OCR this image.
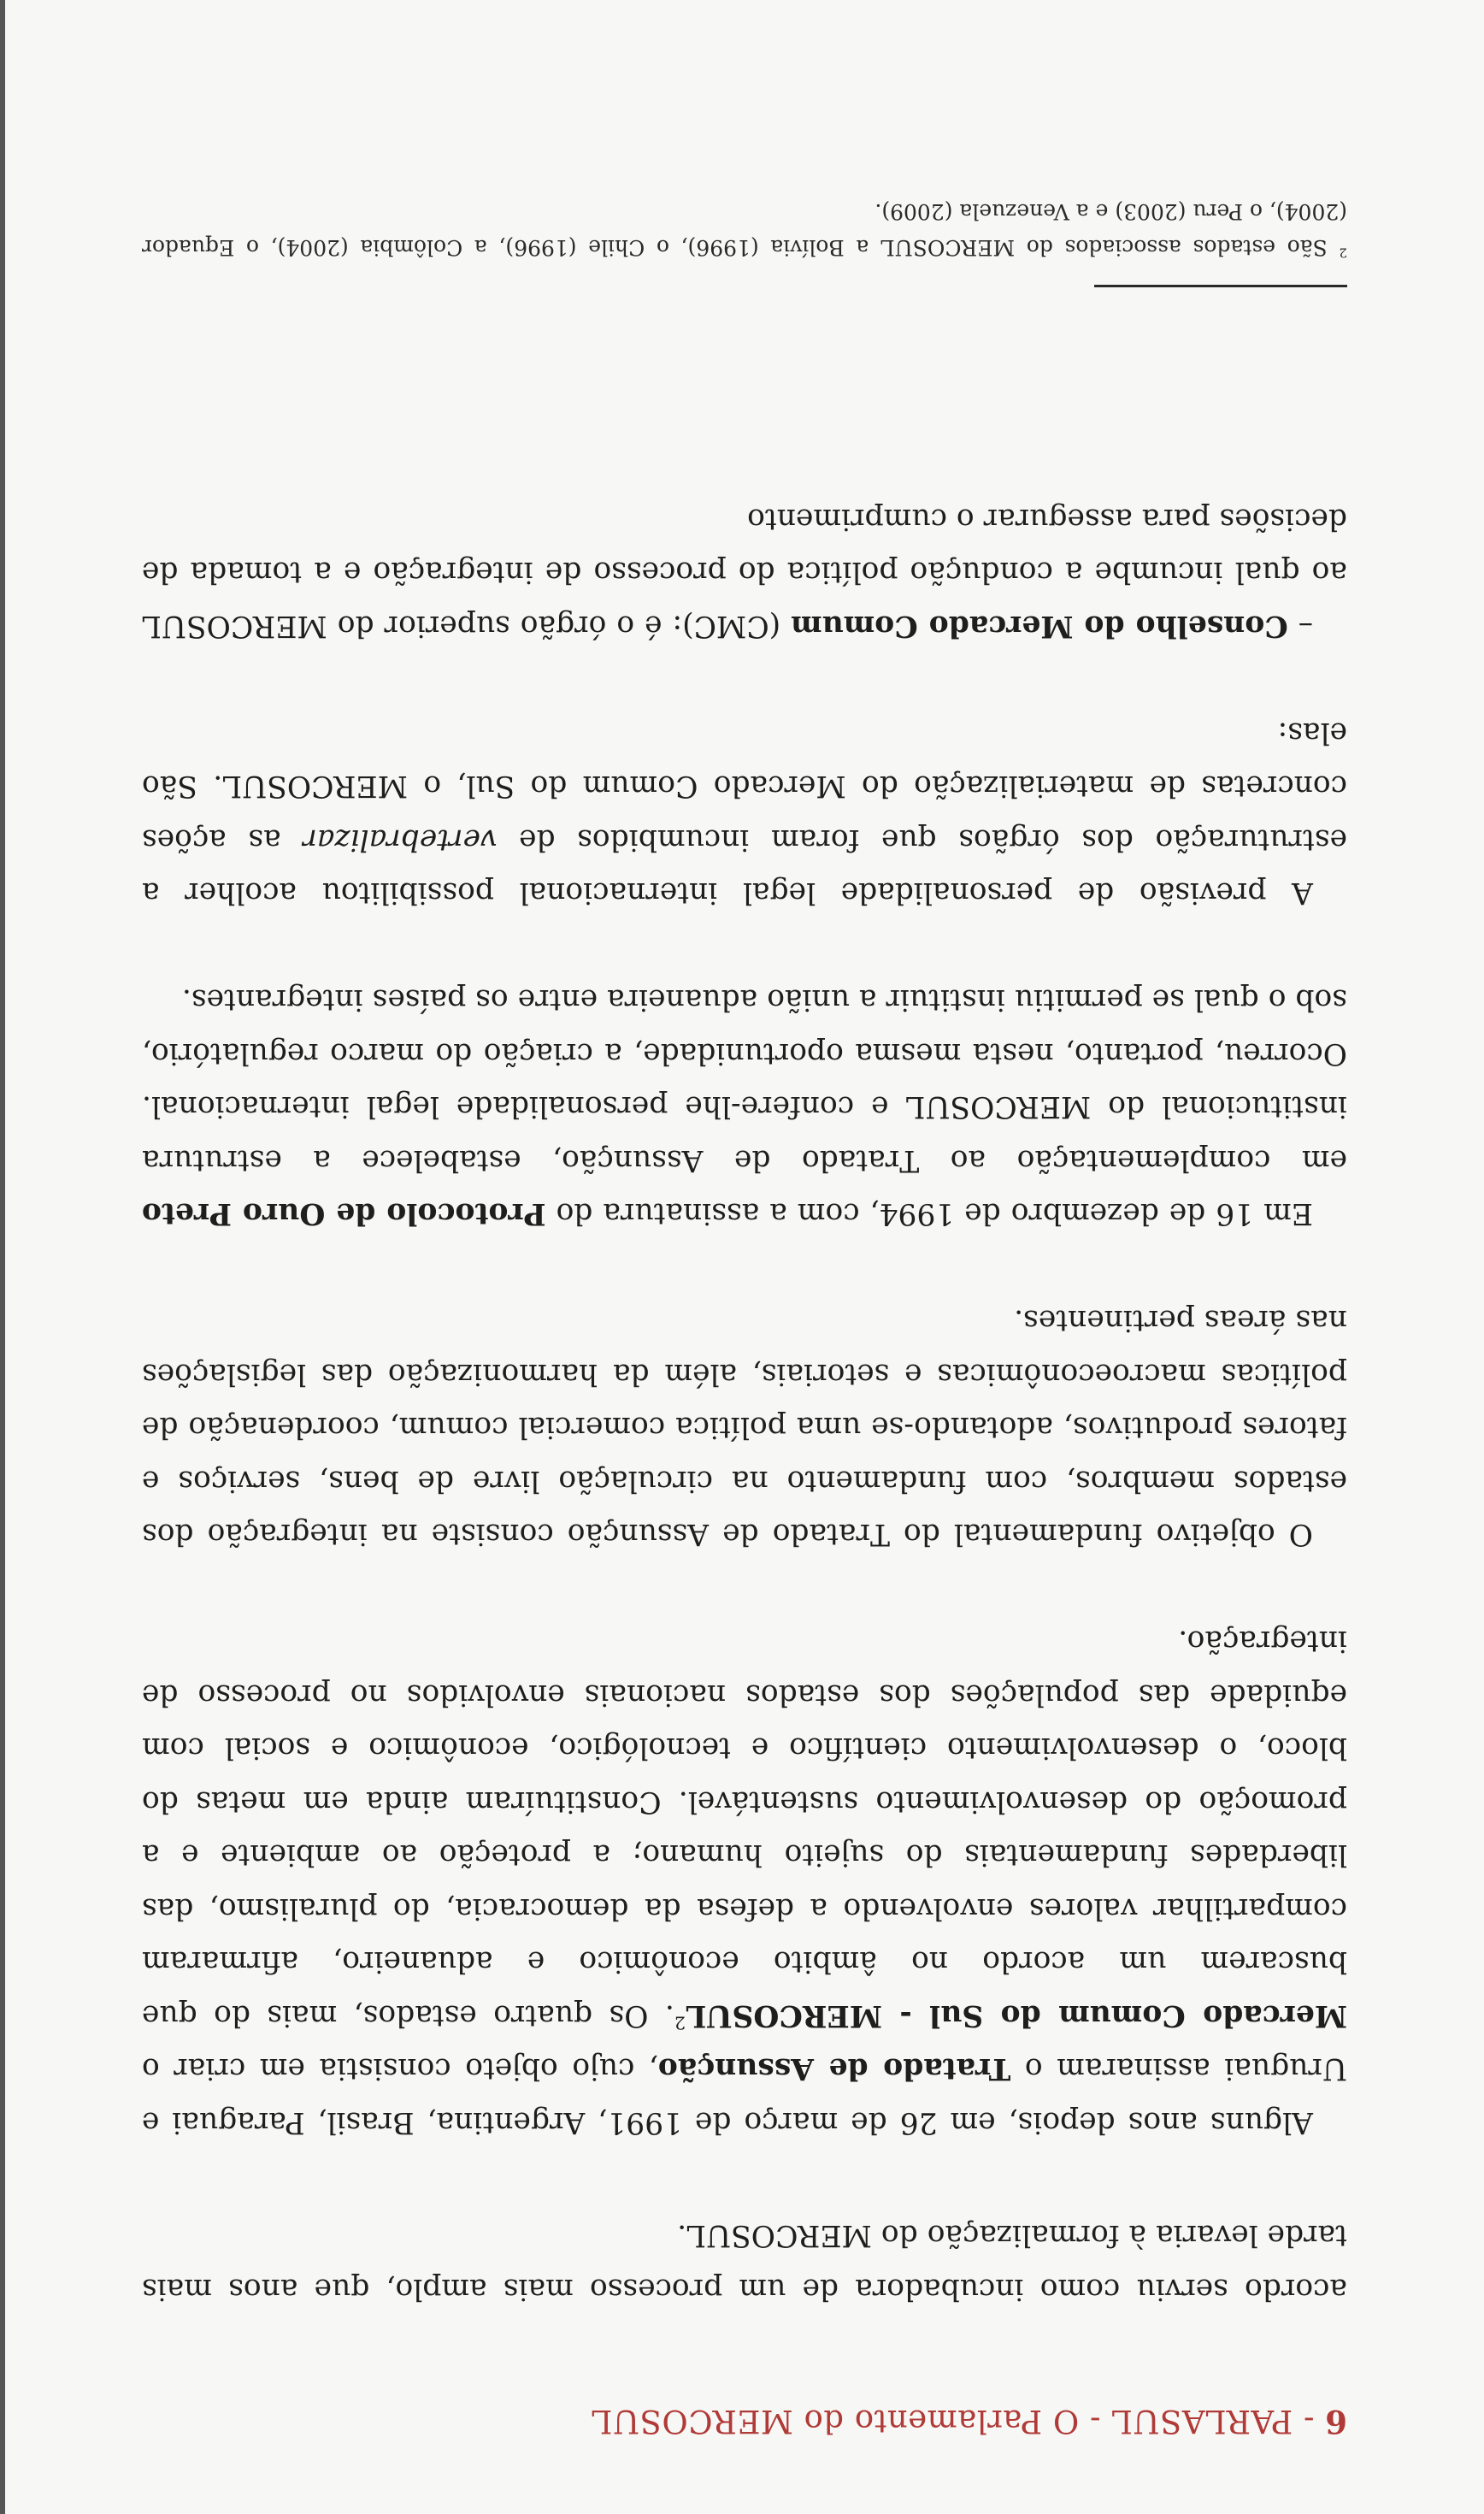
6 - PARLASUL - O Parlamento do MERCOSUL

acordo serviu como incubadora de um processo mais amplo, que anos mais tarde levaria à formalização do MERCOSUL.

Alguns anos depois, em 26 de março de 1991, Argentina, Brasil, Paraguai e Uruguai assinaram o Tratado de Assunção, cujo objeto consistia em criar o Mercado Comum do Sul - MERCOSUL$^2$. Os quatro estados, mais do que buscarem um acordo no âmbito econômico e aduaneiro, afirmaram compartilhar valores envolvendo a defesa da democracia, do pluralismo, das liberdades fundamentais do sujeito humano; a proteção ao ambiente e a promoção do desenvolvimento sustentável. Constituíram ainda em metas do bloco, o desenvolvimento científico e tecnológico, econômico e social com equidade das populações dos estados nacionais envolvidos no processo de integração.

O objetivo fundamental do Tratado de Assunção consiste na integração dos estados membros, com fundamento na circulação livre de bens, serviços e fatores produtivos, adotando-se uma política comercial comum, coordenação de políticas macroeconômicas e setoriais, além da harmonização das legislações nas áreas pertinentes.

Em 16 de dezembro de 1994, com a assinatura do Protocolo de Ouro Preto em complementação ao Tratado de Assunção, estabelece a estrutura institucional do MERCOSUL e confere-lhe personalidade legal internacional. Ocorreu, portanto, nesta mesma oportunidade, a criação do marco regulatório, sob o qual se permitiu instituir a união aduaneira entre os países integrantes.

A previsão de personalidade legal internacional possibilitou acolher a estruturação dos órgãos que foram incumbidos de vertebralizar as ações concretas de materialização do Mercado Comum do Sul, o MERCOSUL. São elas:

– Conselho do Mercado Comum (CMC): é o órgão superior do MERCOSUL ao qual incumbe a condução política do processo de integração e a tomada de decisões para assegurar o cumprimento

$^2$ São estados associados do MERCOSUL a Bolívia (1996), o Chile (1996), a Colômbia (2004), o Equador (2004), o Peru (2003) e a Venezuela (2009).
